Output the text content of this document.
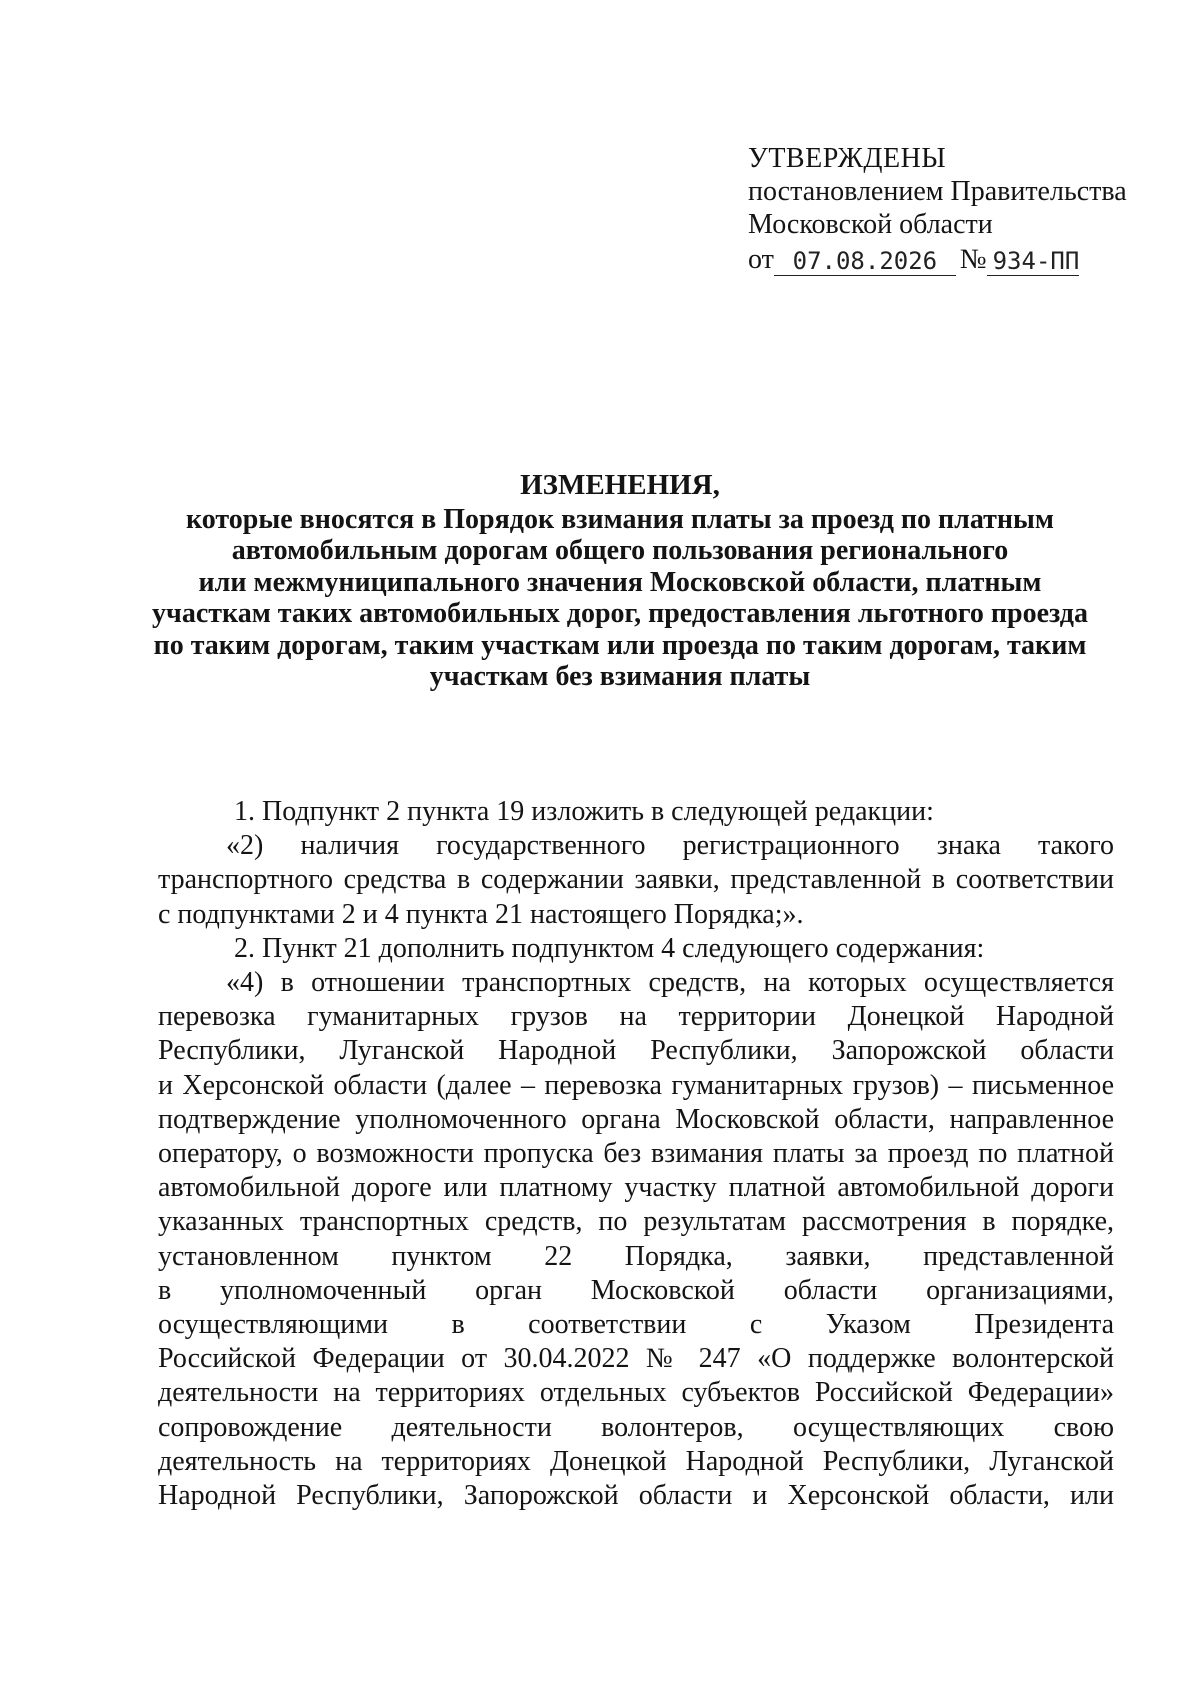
УТВЕРЖДЕНЫ
постановлением Правительства
Московской области
от 07.08.2026 № 934-ПП
ИЗМЕНЕНИЯ,
которые вносятся в Порядок взимания платы за проезд по платным
автомобильным дорогам общего пользования регионального
или межмуниципального значения Московской области, платным
участкам таких автомобильных дорог, предоставления льготного проезда
по таким дорогам, таким участкам или проезда по таким дорогам, таким
участкам без взимания платы
1. Подпункт 2 пункта 19 изложить в следующей редакции:
«2) наличия государственного регистрационного знака такого
транспортного средства в содержании заявки, представленной в соответствии
с подпунктами 2 и 4 пункта 21 настоящего Порядка;».
2. Пункт 21 дополнить подпунктом 4 следующего содержания:
«4) в отношении транспортных средств, на которых осуществляется
перевозка гуманитарных грузов на территории Донецкой Народной
Республики, Луганской Народной Республики, Запорожской области
и Херсонской области (далее – перевозка гуманитарных грузов) – письменное
подтверждение уполномоченного органа Московской области, направленное
оператору, о возможности пропуска без взимания платы за проезд по платной
автомобильной дороге или платному участку платной автомобильной дороги
указанных транспортных средств, по результатам рассмотрения в порядке,
установленном пунктом 22 Порядка, заявки, представленной
в уполномоченный орган Московской области организациями,
осуществляющими в соответствии с Указом Президента
Российской Федерации от 30.04.2022 № 247 «О поддержке волонтерской
деятельности на территориях отдельных субъектов Российской Федерации»
сопровождение деятельности волонтеров, осуществляющих свою
деятельность на территориях Донецкой Народной Республики, Луганской
Народной Республики, Запорожской области и Херсонской области, или
